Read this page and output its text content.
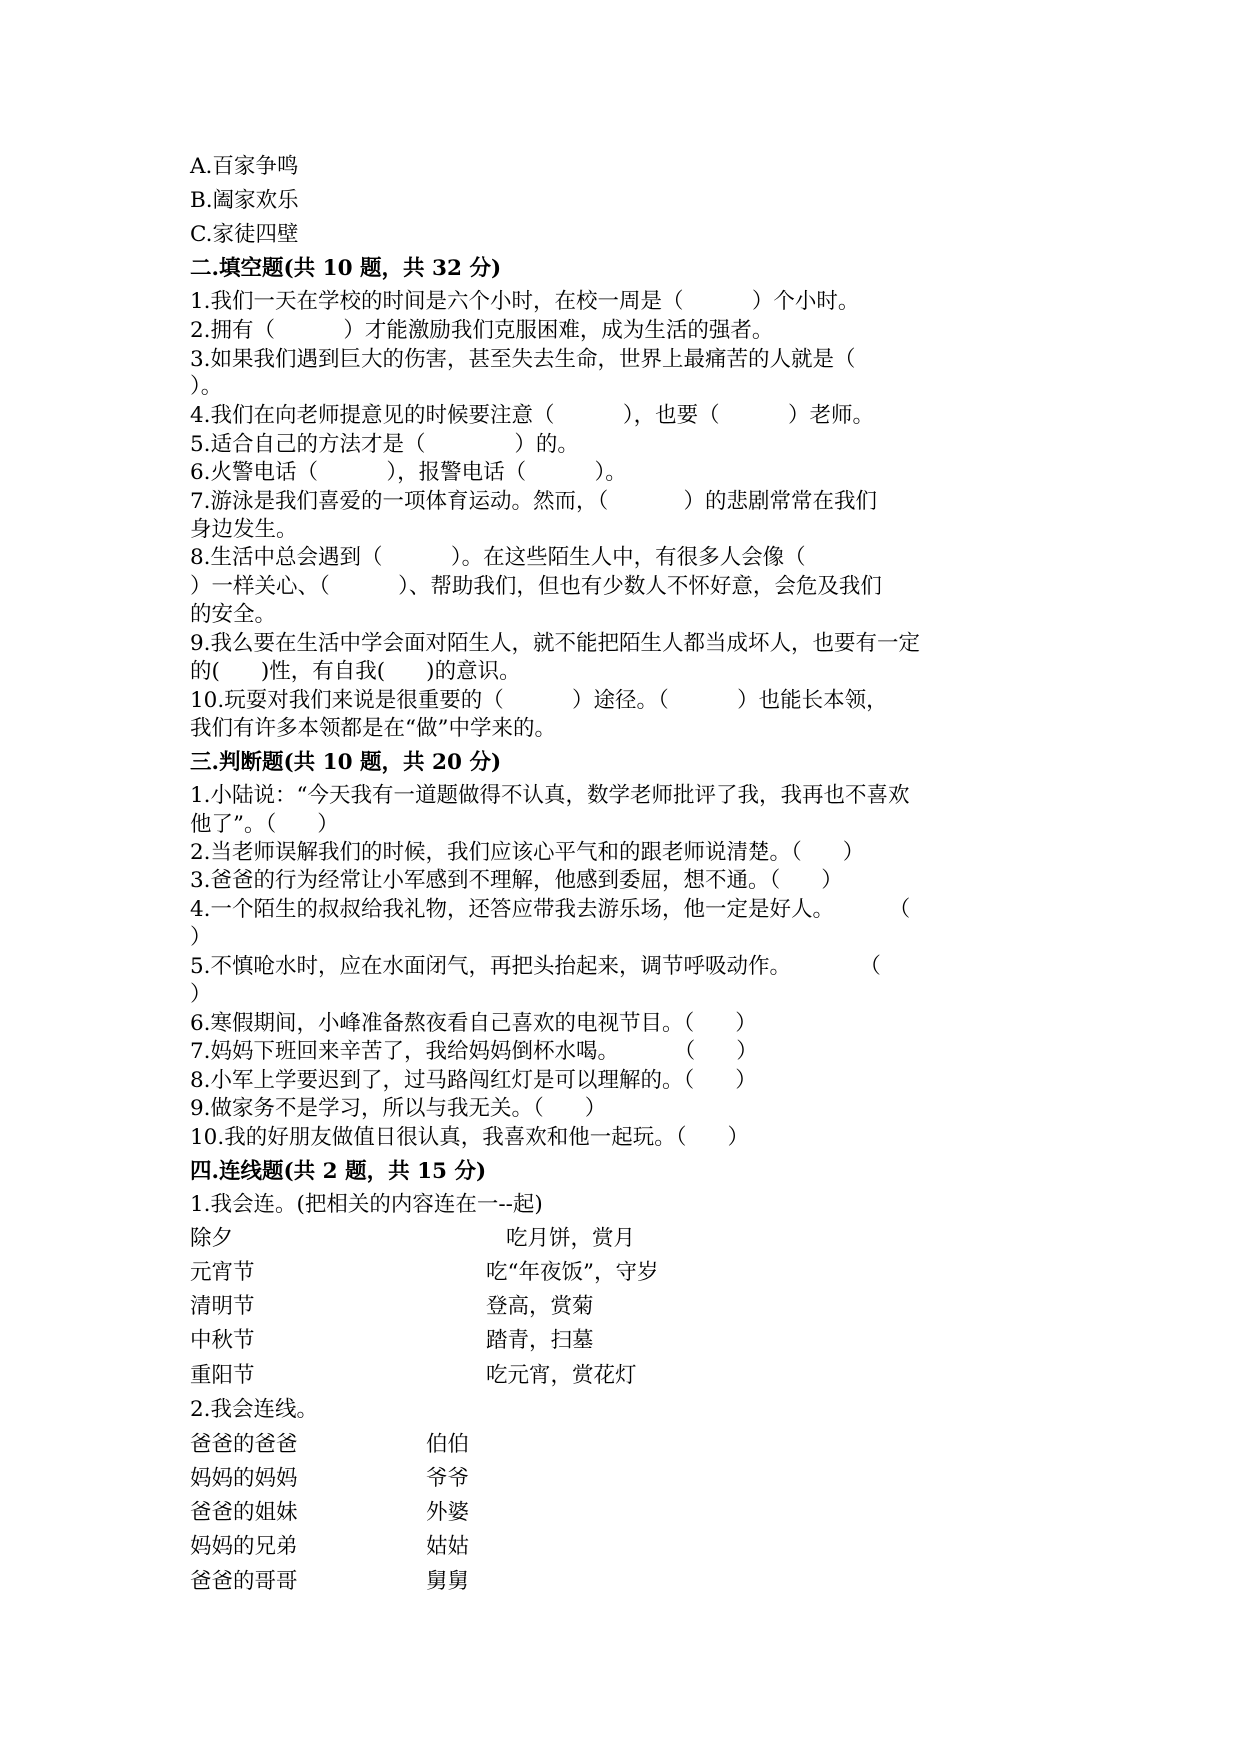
A.百家争鸣
B.阖家欢乐
C.家徒四壁
二.填空题(共 10 题，共 32 分)
1.我们一天在学校的时间是六个小时，在校一周是（          ）个小时。
2.拥有（          ）才能激励我们克服困难，成为生活的强者。
3.如果我们遇到巨大的伤害，甚至失去生命，世界上最痛苦的人就是（
）。
4.我们在向老师提意见的时候要注意（          ），也要（          ）老师。
5.适合自己的方法才是（             ）的。
6.火警电话（          ），报警电话（          ）。
7.游泳是我们喜爱的一项体育运动。然而，（           ）的悲剧常常在我们
身边发生。
8.生活中总会遇到（          ）。在这些陌生人中，有很多人会像（
）一样关心、（          ）、帮助我们，但也有少数人不怀好意，会危及我们
的安全。
9.我么要在生活中学会面对陌生人，就不能把陌生人都当成坏人，也要有一定
的(      )性，有自我(      )的意识。
10.玩耍对我们来说是很重要的（          ）途径。（          ）也能长本领，
我们有许多本领都是在“做”中学来的。
三.判断题(共 10 题，共 20 分)
1.小陆说：“今天我有一道题做得不认真，数学老师批评了我，我再也不喜欢
他了”。（      ）
2.当老师误解我们的时候，我们应该心平气和的跟老师说清楚。（      ）
3.爸爸的行为经常让小军感到不理解，他感到委屈，想不通。（      ）
4.一个陌生的叔叔给我礼物，还答应带我去游乐场，他一定是好人。        （
）
5.不慎呛水时，应在水面闭气，再把头抬起来，调节呼吸动作。          （
）
6.寒假期间，小峰准备熬夜看自己喜欢的电视节目。（      ）
7.妈妈下班回来辛苦了，我给妈妈倒杯水喝。        （      ）
8.小军上学要迟到了，过马路闯红灯是可以理解的。（      ）
9.做家务不是学习，所以与我无关。（      ）
10.我的好朋友做值日很认真，我喜欢和他一起玩。（      ）
四.连线题(共 2 题，共 15 分)
1.我会连。(把相关的内容连在一--起)
除夕
元宵节
清明节
中秋节
重阳节
吃月饼，赏月
吃“年夜饭”，守岁
登高，赏菊
踏青，扫墓
吃元宵，赏花灯
2.我会连线。
爸爸的爸爸
妈妈的妈妈
爸爸的姐妹
妈妈的兄弟
爸爸的哥哥
伯伯
爷爷
外婆
姑姑
舅舅
